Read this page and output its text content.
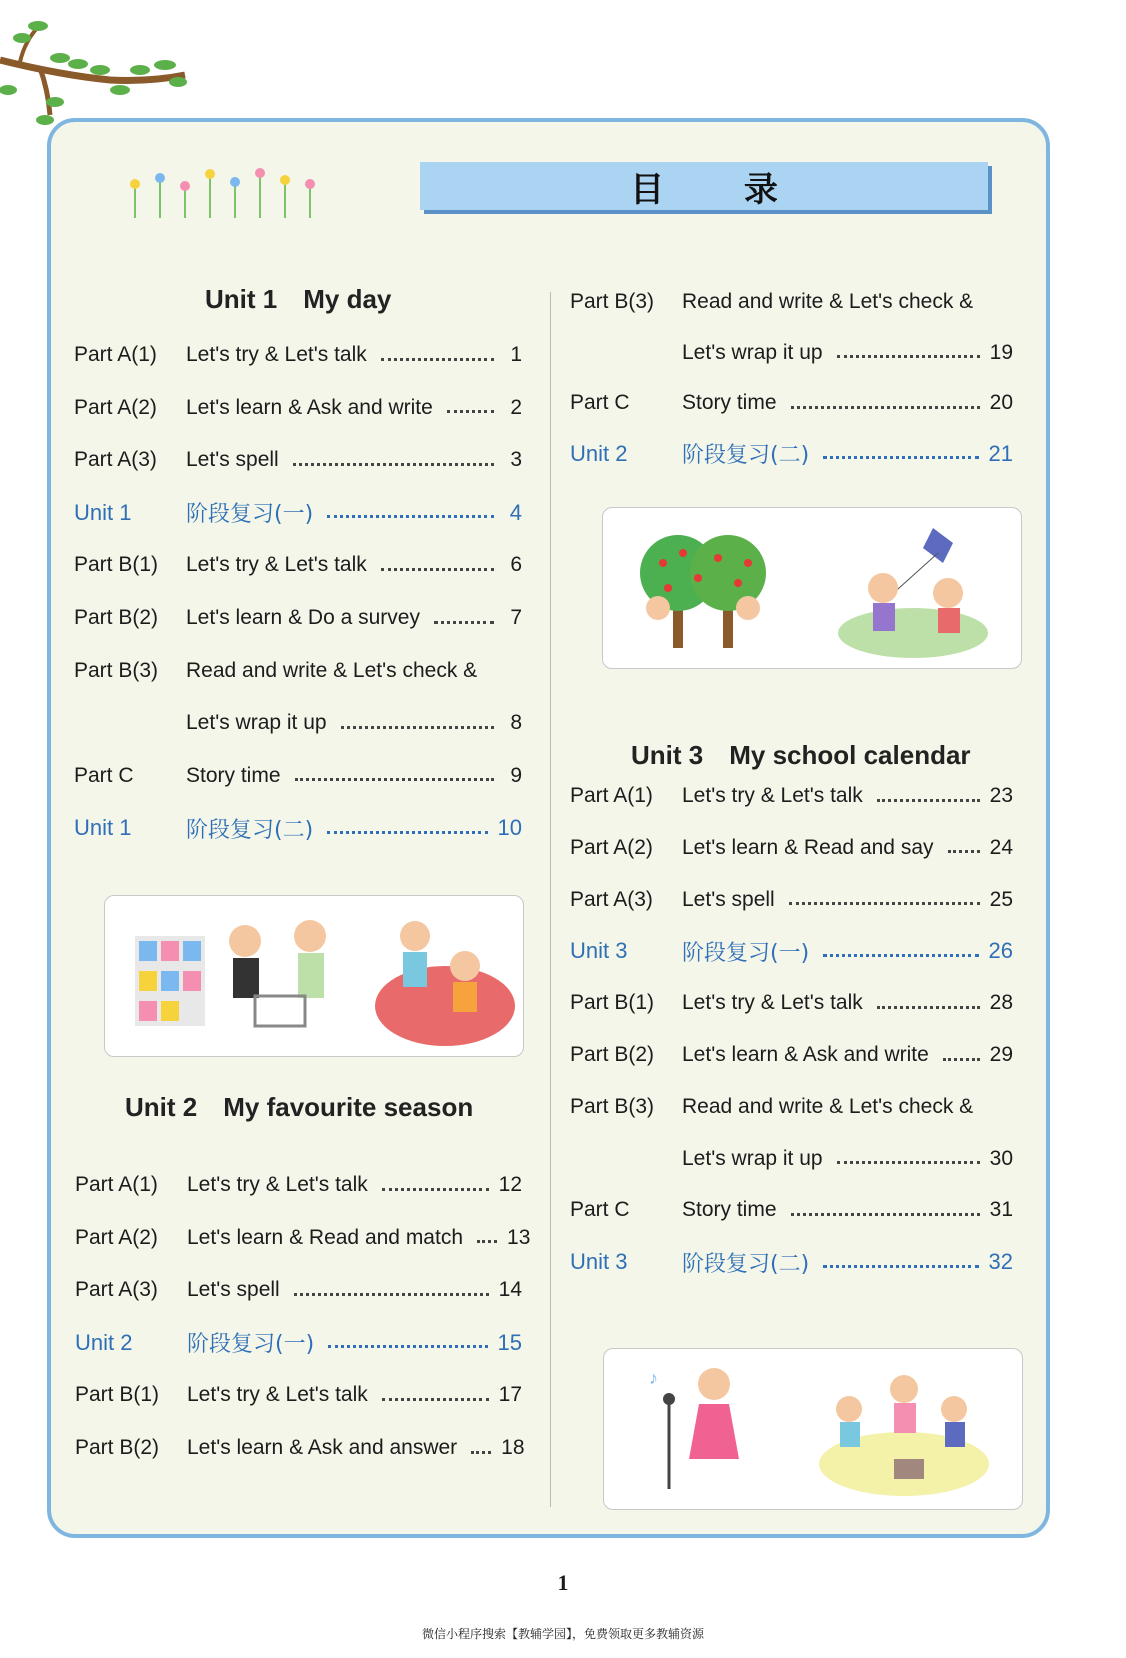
目 录
Unit 1 My day
Part A(1)	Let's try & Let's talk	1
Part A(2)	Let's learn & Ask and write	2
Part A(3)	Let's spell	3
Unit 1	阶段复习(一)	4
Part B(1)	Let's try & Let's talk	6
Part B(2)	Let's learn & Do a survey	7
Part B(3)	Read and write & Let's check &
Let's wrap it up	8
Part C	Story time	9
Unit 1	阶段复习(二)	10
Unit 2 My favourite season
Part A(1)	Let's try & Let's talk	12
Part A(2)	Let's learn & Read and match 13
Part A(3)	Let's spell	14
Unit 2	阶段复习(一)	15
Part B(1)	Let's try & Let's talk	17
Part B(2)	Let's learn & Ask and answer 18
Part B(3)	Read and write & Let's check &
Let's wrap it up	19
Part C	Story time	20
Unit 2	阶段复习(二)	21
Unit 3 My school calendar
Part A(1)	Let's try & Let's talk	23
Part A(2)	Let's learn & Read and say	24
Part A(3)	Let's spell	25
Unit 3	阶段复习(一)	26
Part B(1)	Let's try & Let's talk	28
Part B(2)	Let's learn & Ask and write	29
Part B(3)	Read and write & Let's check &
Let's wrap it up	30
Part C	Story time	31
Unit 3	阶段复习(二)	32
♪
1
微信小程序搜索【教辅学园】，免费领取更多教辅资源
